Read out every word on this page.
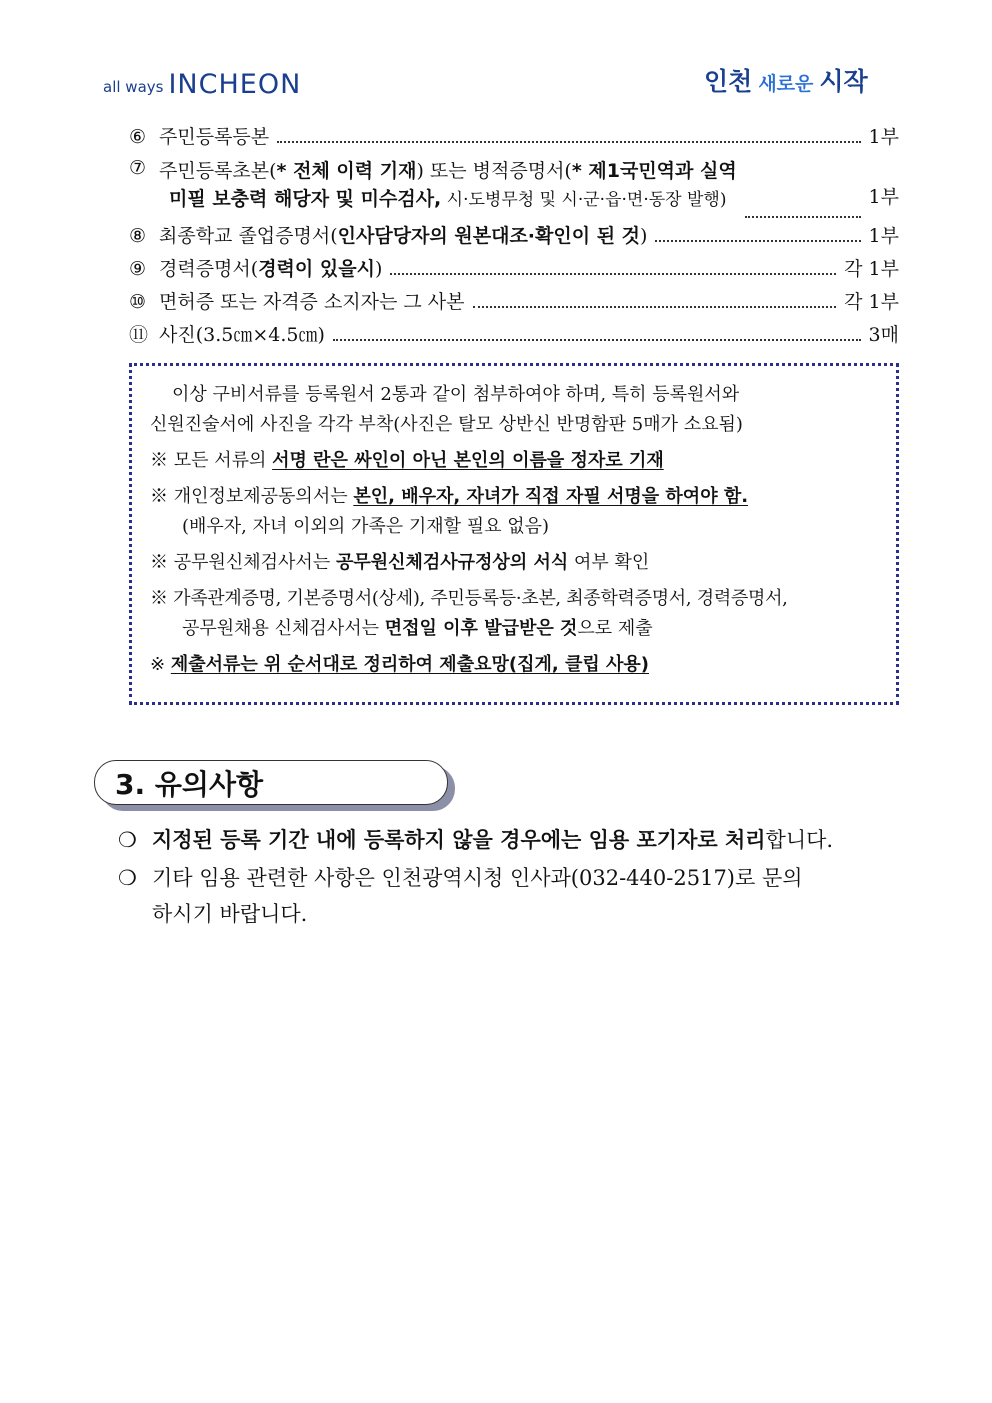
all ways INCHEON	인천 새로운 시작
⑥ 주민등록등본	1부
⑦ 주민등록초본(* 전체 이력 기재) 또는 병적증명서(* 제1국민역과 실역
미필 보충력 해당자 및 미수검사, 시·도병무청 및 시·군·읍·면·동장 발행)	1부
⑧ 최종학교 졸업증명서(인사담당자의 원본대조·확인이 된 것)	1부
⑨ 경력증명서(경력이 있을시)	각 1부
⑩ 면허증 또는 자격증 소지자는 그 사본	각 1부
⑪ 사진(3.5㎝×4.5㎝)	3매
이상 구비서류를 등록원서 2통과 같이 첨부하여야 하며, 특히 등록원서와
신원진술서에 사진을 각각 부착(사진은 탈모 상반신 반명함판 5매가 소요됨)
※ 모든 서류의 서명 란은 싸인이 아닌 본인의 이름을 정자로 기재
※ 개인정보제공동의서는 본인, 배우자, 자녀가 직접 자필 서명을 하여야 함.
(배우자, 자녀 이외의 가족은 기재할 필요 없음)
※ 공무원신체검사서는 공무원신체검사규정상의 서식 여부 확인
※ 가족관계증명, 기본증명서(상세), 주민등록등·초본, 최종학력증명서, 경력증명서,
공무원채용 신체검사서는 면접일 이후 발급받은 것으로 제출
※ 제출서류는 위 순서대로 정리하여 제출요망(집게, 클립 사용)
3. 유의사항
❍ 지정된 등록 기간 내에 등록하지 않을 경우에는 임용 포기자로 처리합니다.
❍ 기타 임용 관련한 사항은 인천광역시청 인사과(032-440-2517)로 문의
하시기 바랍니다.
